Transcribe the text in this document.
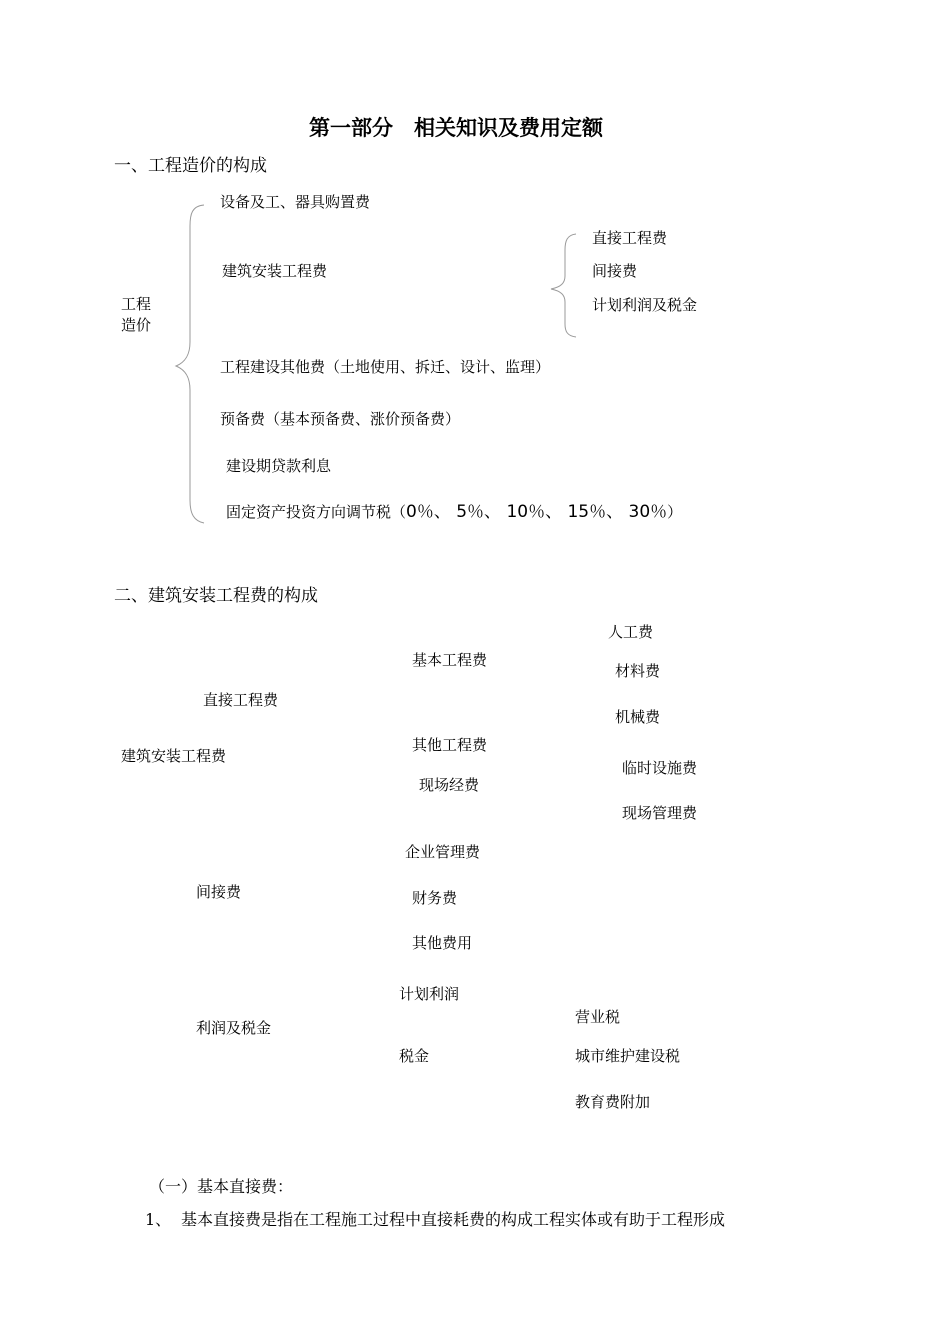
第一部分　相关知识及费用定额
一、工程造价的构成
工程
造价
设备及工、器具购置费
建筑安装工程费
工程建设其他费（土地使用、拆迁、设计、监理）
预备费（基本预备费、涨价预备费）
建设期贷款利息
固定资产投资方向调节税（0％、 5％、 10％、 15％、 30％）
直接工程费
间接费
计划利润及税金
二、建筑安装工程费的构成
建筑安装工程费
直接工程费
间接费
利润及税金
基本工程费
其他工程费
现场经费
企业管理费
财务费
其他费用
计划利润
税金
人工费
材料费
机械费
临时设施费
现场管理费
营业税
城市维护建设税
教育费附加
（一）基本直接费：
1、 基本直接费是指在工程施工过程中直接耗费的构成工程实体或有助于工程形成
